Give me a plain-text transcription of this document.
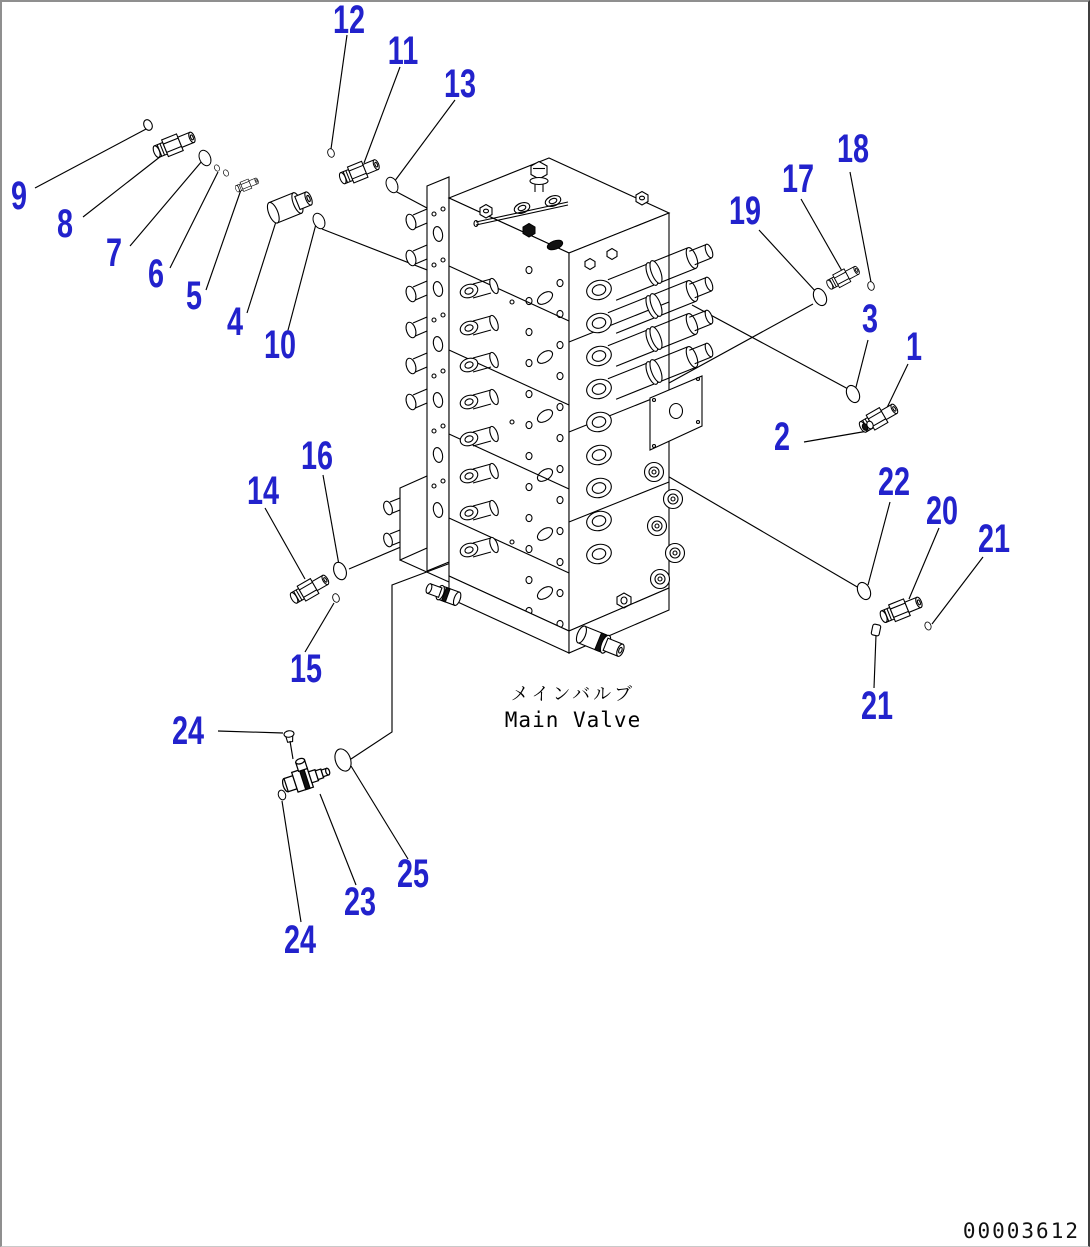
1
2
3
4
5
6
7
8
9
10
11
12
13
14
15
16
17
18
19
20
21
21
22
23
24
24
25
メインバルブ
Main Valve
00003612
